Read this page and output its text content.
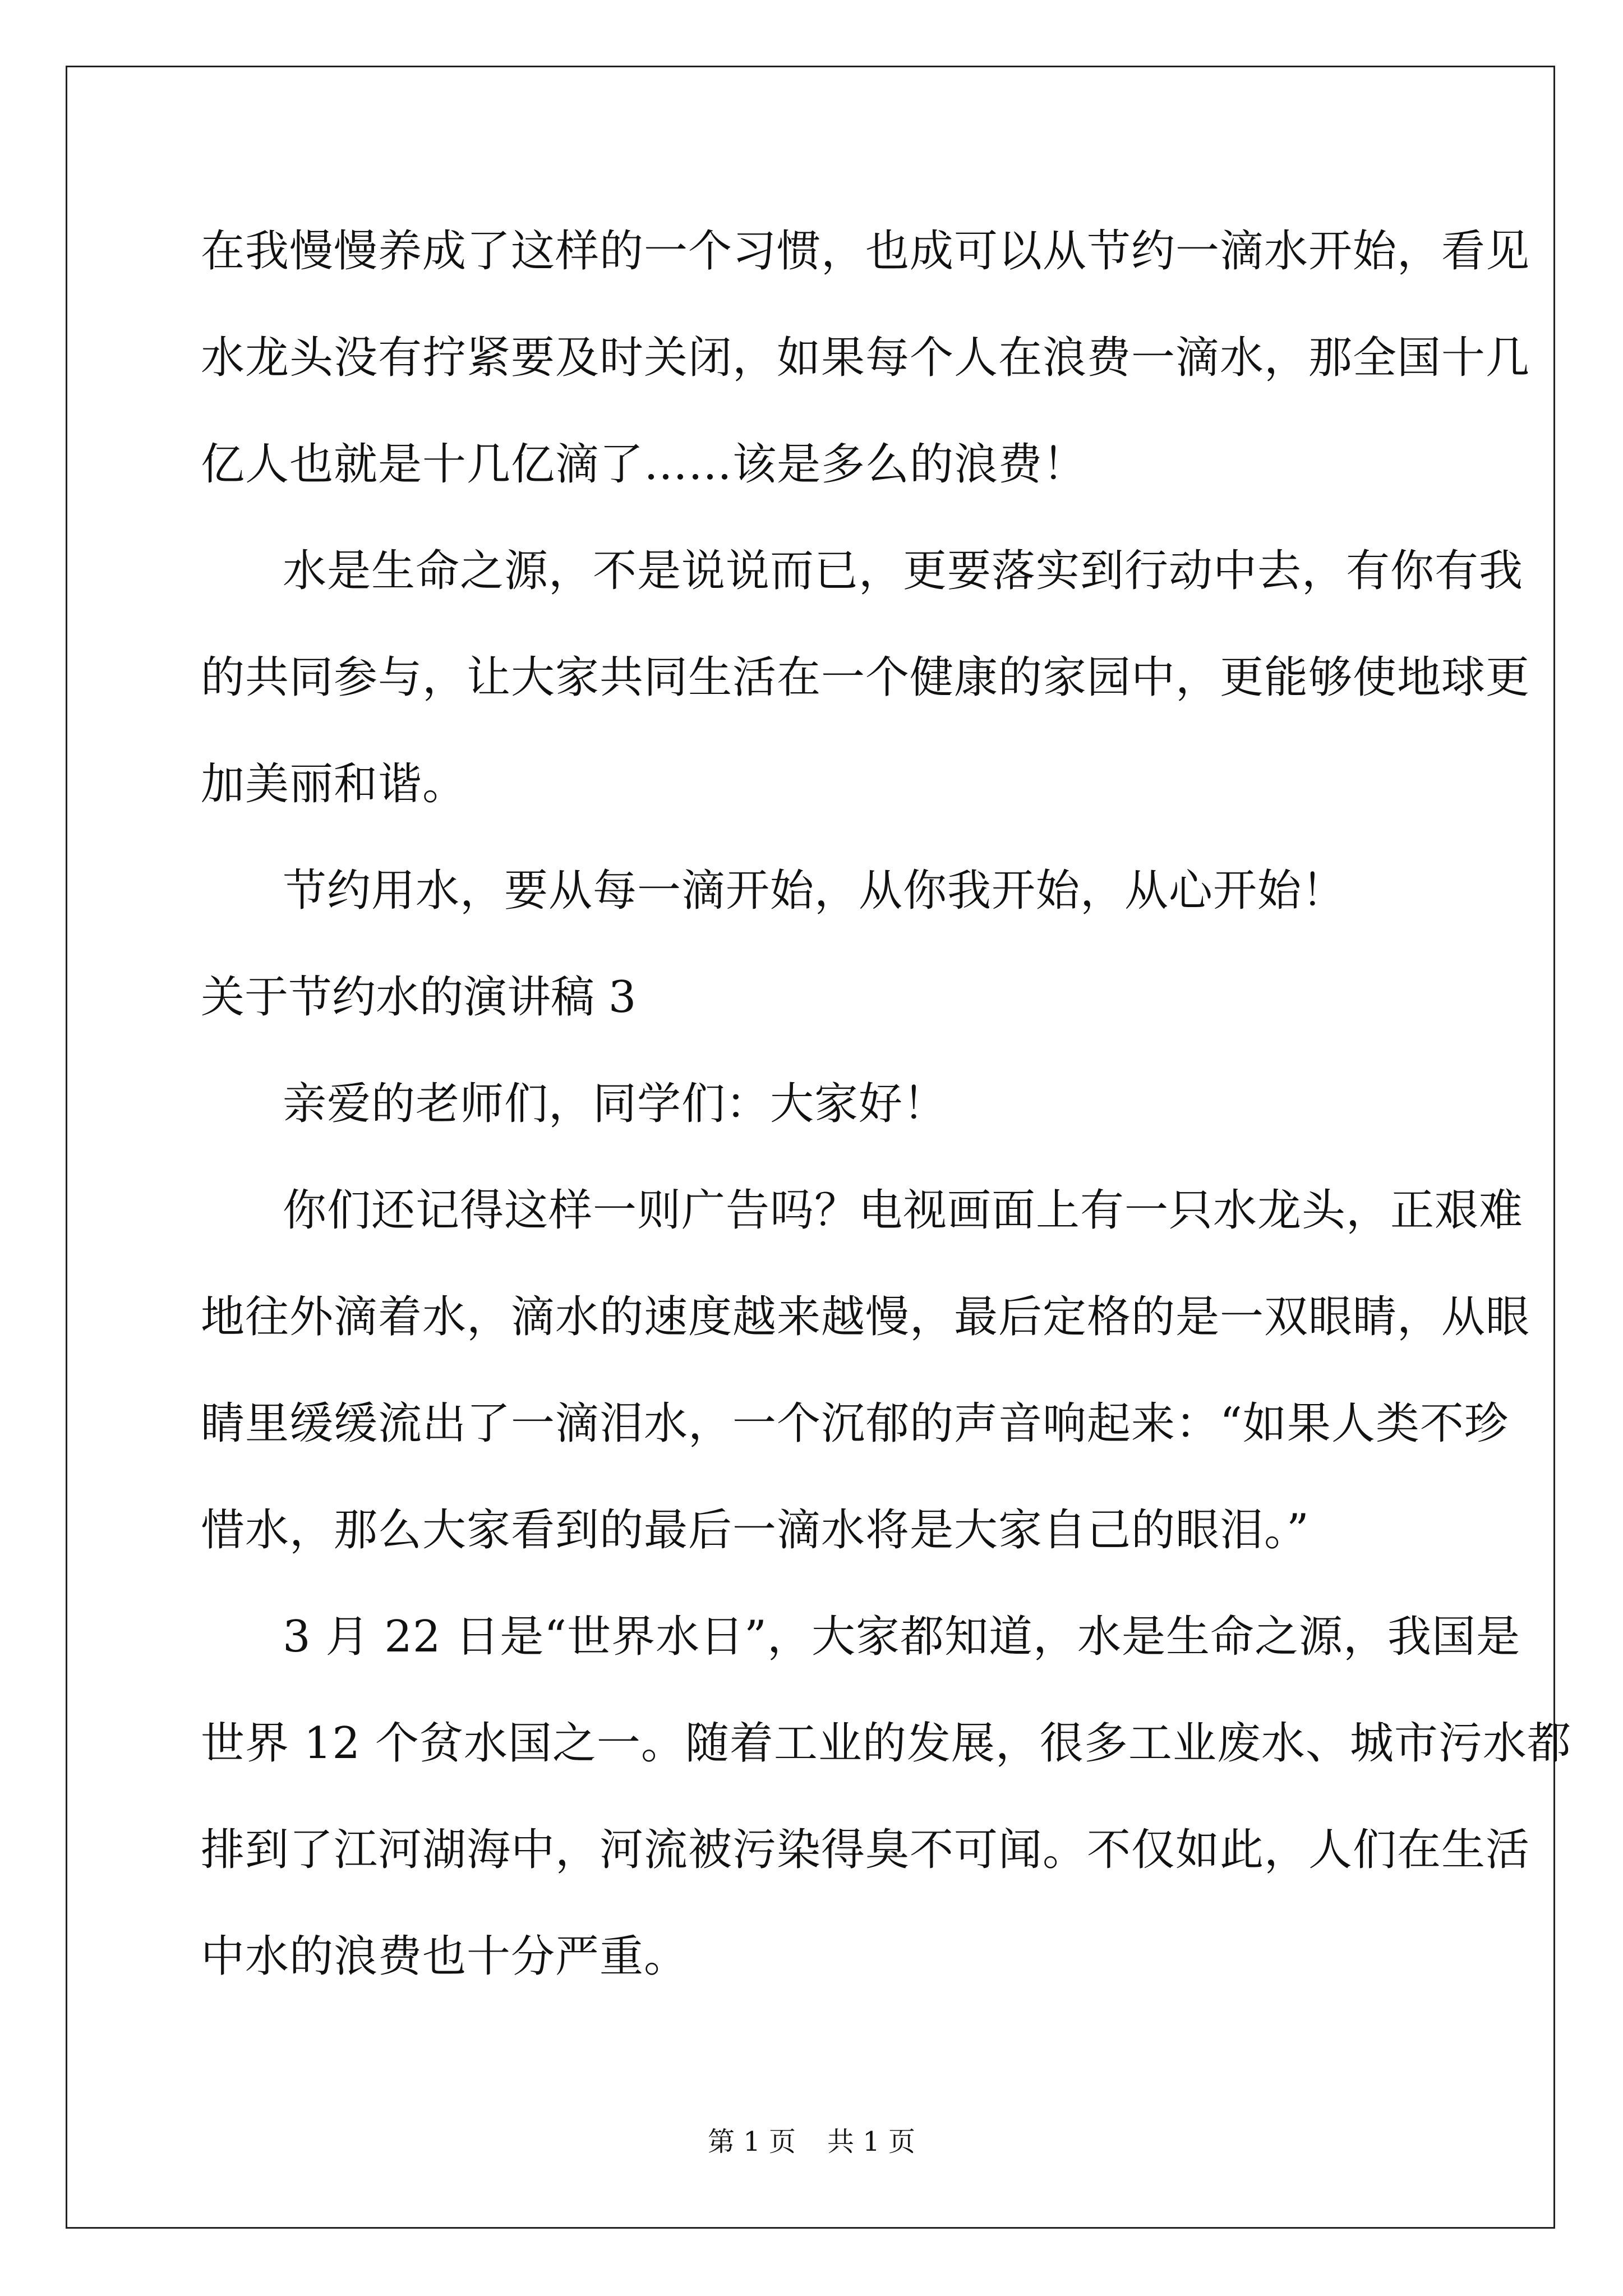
在我慢慢养成了这样的一个习惯，也成可以从节约一滴水开始，看见
水龙头没有拧紧要及时关闭，如果每个人在浪费一滴水，那全国十几
亿人也就是十几亿滴了……该是多么的浪费！
水是生命之源，不是说说而已，更要落实到行动中去，有你有我
的共同参与，让大家共同生活在一个健康的家园中，更能够使地球更
加美丽和谐。
节约用水，要从每一滴开始，从你我开始，从心开始！
关于节约水的演讲稿 3
亲爱的老师们，同学们：大家好！
你们还记得这样一则广告吗？电视画面上有一只水龙头，正艰难
地往外滴着水，滴水的速度越来越慢，最后定格的是一双眼睛，从眼
睛里缓缓流出了一滴泪水，一个沉郁的声音响起来：“如果人类不珍
惜水，那么大家看到的最后一滴水将是大家自己的眼泪。”
3 月 22 日是“世界水日”，大家都知道，水是生命之源，我国是
世界 12 个贫水国之一。随着工业的发展，很多工业废水、城市污水都
排到了江河湖海中，河流被污染得臭不可闻。不仅如此，人们在生活
中水的浪费也十分严重。
第 1 页 共 1 页
